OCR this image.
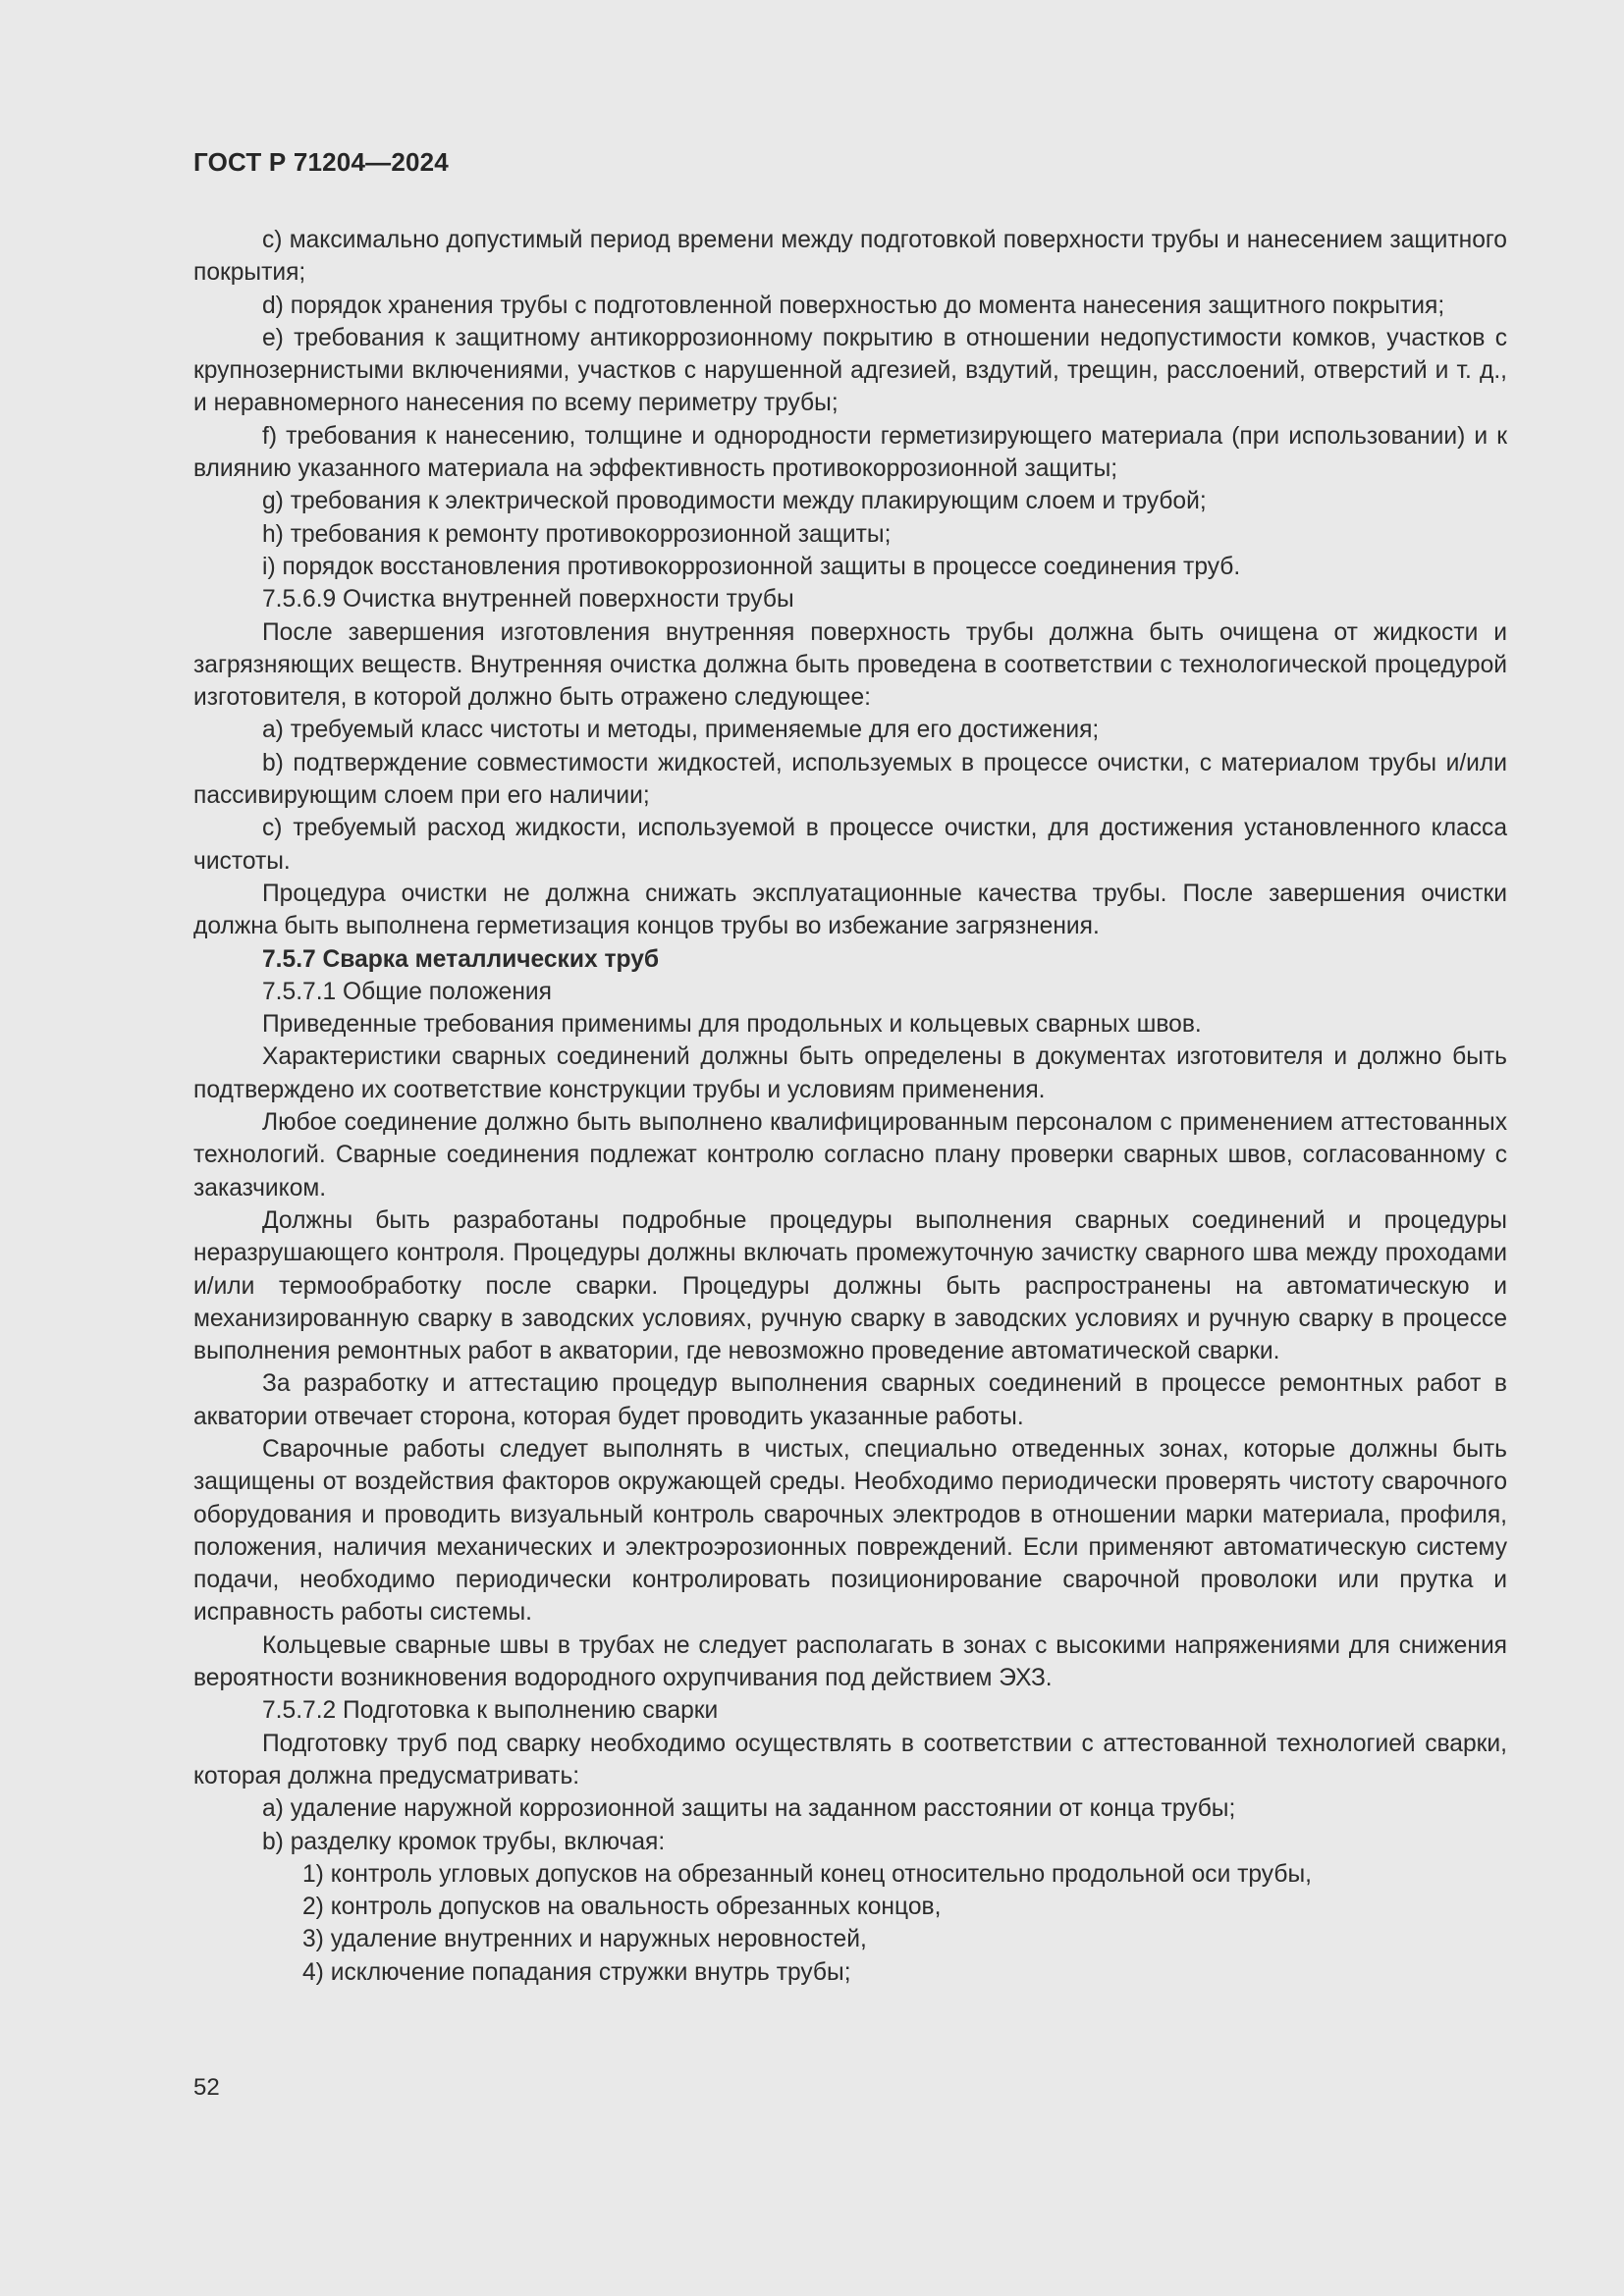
ГОСТ Р 71204—2024

c) максимально допустимый период времени между подготовкой поверхности трубы и нанесением защитного покрытия;

d) порядок хранения трубы с подготовленной поверхностью до момента нанесения защитного покрытия;

e) требования к защитному антикоррозионному покрытию в отношении недопустимости комков, участков с крупнозернистыми включениями, участков с нарушенной адгезией, вздутий, трещин, расслоений, отверстий и т. д., и неравномерного нанесения по всему периметру трубы;

f) требования к нанесению, толщине и однородности герметизирующего материала (при использовании) и к влиянию указанного материала на эффективность противокоррозионной защиты;

g) требования к электрической проводимости между плакирующим слоем и трубой;

h) требования к ремонту противокоррозионной защиты;

i) порядок восстановления противокоррозионной защиты в процессе соединения труб.

7.5.6.9 Очистка внутренней поверхности трубы

После завершения изготовления внутренняя поверхность трубы должна быть очищена от жидкости и загрязняющих веществ. Внутренняя очистка должна быть проведена в соответствии с технологической процедурой изготовителя, в которой должно быть отражено следующее:

a) требуемый класс чистоты и методы, применяемые для его достижения;

b) подтверждение совместимости жидкостей, используемых в процессе очистки, с материалом трубы и/или пассивирующим слоем при его наличии;

c) требуемый расход жидкости, используемой в процессе очистки, для достижения установленного класса чистоты.

Процедура очистки не должна снижать эксплуатационные качества трубы. После завершения очистки должна быть выполнена герметизация концов трубы во избежание загрязнения.

7.5.7 Сварка металлических труб

7.5.7.1 Общие положения

Приведенные требования применимы для продольных и кольцевых сварных швов.

Характеристики сварных соединений должны быть определены в документах изготовителя и должно быть подтверждено их соответствие конструкции трубы и условиям применения.

Любое соединение должно быть выполнено квалифицированным персоналом с применением аттестованных технологий. Сварные соединения подлежат контролю согласно плану проверки сварных швов, согласованному с заказчиком.

Должны быть разработаны подробные процедуры выполнения сварных соединений и процедуры неразрушающего контроля. Процедуры должны включать промежуточную зачистку сварного шва между проходами и/или термообработку после сварки. Процедуры должны быть распространены на автоматическую и механизированную сварку в заводских условиях, ручную сварку в заводских условиях и ручную сварку в процессе выполнения ремонтных работ в акватории, где невозможно проведение автоматической сварки.

За разработку и аттестацию процедур выполнения сварных соединений в процессе ремонтных работ в акватории отвечает сторона, которая будет проводить указанные работы.

Сварочные работы следует выполнять в чистых, специально отведенных зонах, которые должны быть защищены от воздействия факторов окружающей среды. Необходимо периодически проверять чистоту сварочного оборудования и проводить визуальный контроль сварочных электродов в отношении марки материала, профиля, положения, наличия механических и электроэрозионных повреждений. Если применяют автоматическую систему подачи, необходимо периодически контролировать позиционирование сварочной проволоки или прутка и исправность работы системы.

Кольцевые сварные швы в трубах не следует располагать в зонах с высокими напряжениями для снижения вероятности возникновения водородного охрупчивания под действием ЭХЗ.

7.5.7.2 Подготовка к выполнению сварки

Подготовку труб под сварку необходимо осуществлять в соответствии с аттестованной технологией сварки, которая должна предусматривать:

a) удаление наружной коррозионной защиты на заданном расстоянии от конца трубы;

b) разделку кромок трубы, включая:

1) контроль угловых допусков на обрезанный конец относительно продольной оси трубы,

2) контроль допусков на овальность обрезанных концов,

3) удаление внутренних и наружных неровностей,

4) исключение попадания стружки внутрь трубы;

52
